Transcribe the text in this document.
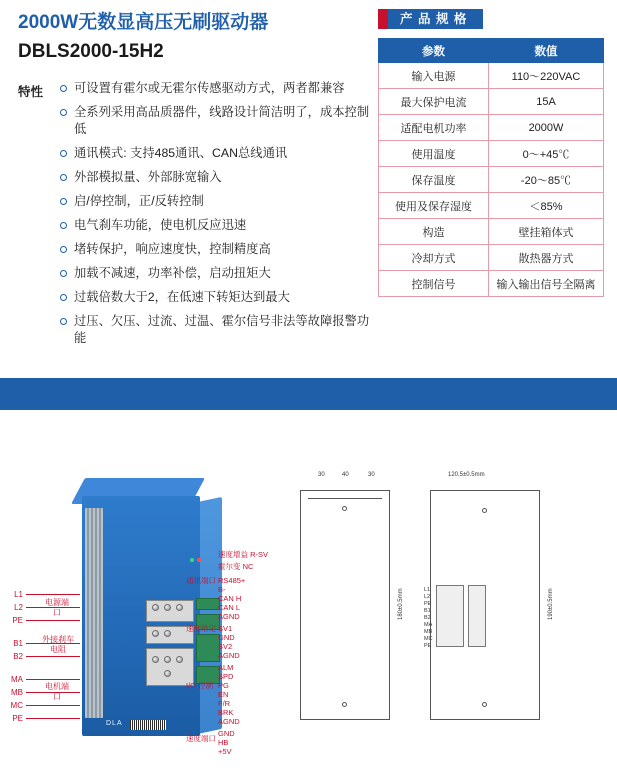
2000W无数显高压无刷驱动器
DBLS2000-15H2
特性	可设置有霍尔或无霍尔传感驱动方式，两者都兼容
全系列采用高品质器件，线路设计简洁明了，成本控制低
通讯模式: 支持485通讯、CAN总线通讯
外部模拟量、外部脉宽输入
启/停控制，正/反转控制
电气刹车功能，使电机反应迅速
堵转保护，响应速度快，控制精度高
加载不减速，功率补偿，启动扭矩大
过载倍数大于2，在低速下转矩达到最大
过压、欠压、过流、过温、霍尔信号非法等故障报警功能
产 品 规 格
参数	数值
输入电源	110～220VAC
最大保护电流	15A
适配电机功率	2000W
使用温度	0～+45℃
保存温度	-20～85℃
使用及保存湿度	＜85%
构造	壁挂箱体式
冷却方式	散热器方式
控制信号	输入输出信号全隔离
L1
L2
PE
B1
B2
MA
MB
MC
PE
电源端口
外接刹车电阻
电机端口
DLA
速度增益 R-SV
霍尔变 NC
RS485+
B-
CAN H
CAN L
AGND
SV1
GND
SV2
AGND
ALM
SPD
PG
EN
F/R
BRK
AGND
GND
HB
+5V
通讯端口
速度给定
I/O 控制
速度端口
30	40	30
180±0.5mm
120.5±0.5mm
190±0.5mm
L1
L2
PE
B1
B2
MA
MB
MC
PE
